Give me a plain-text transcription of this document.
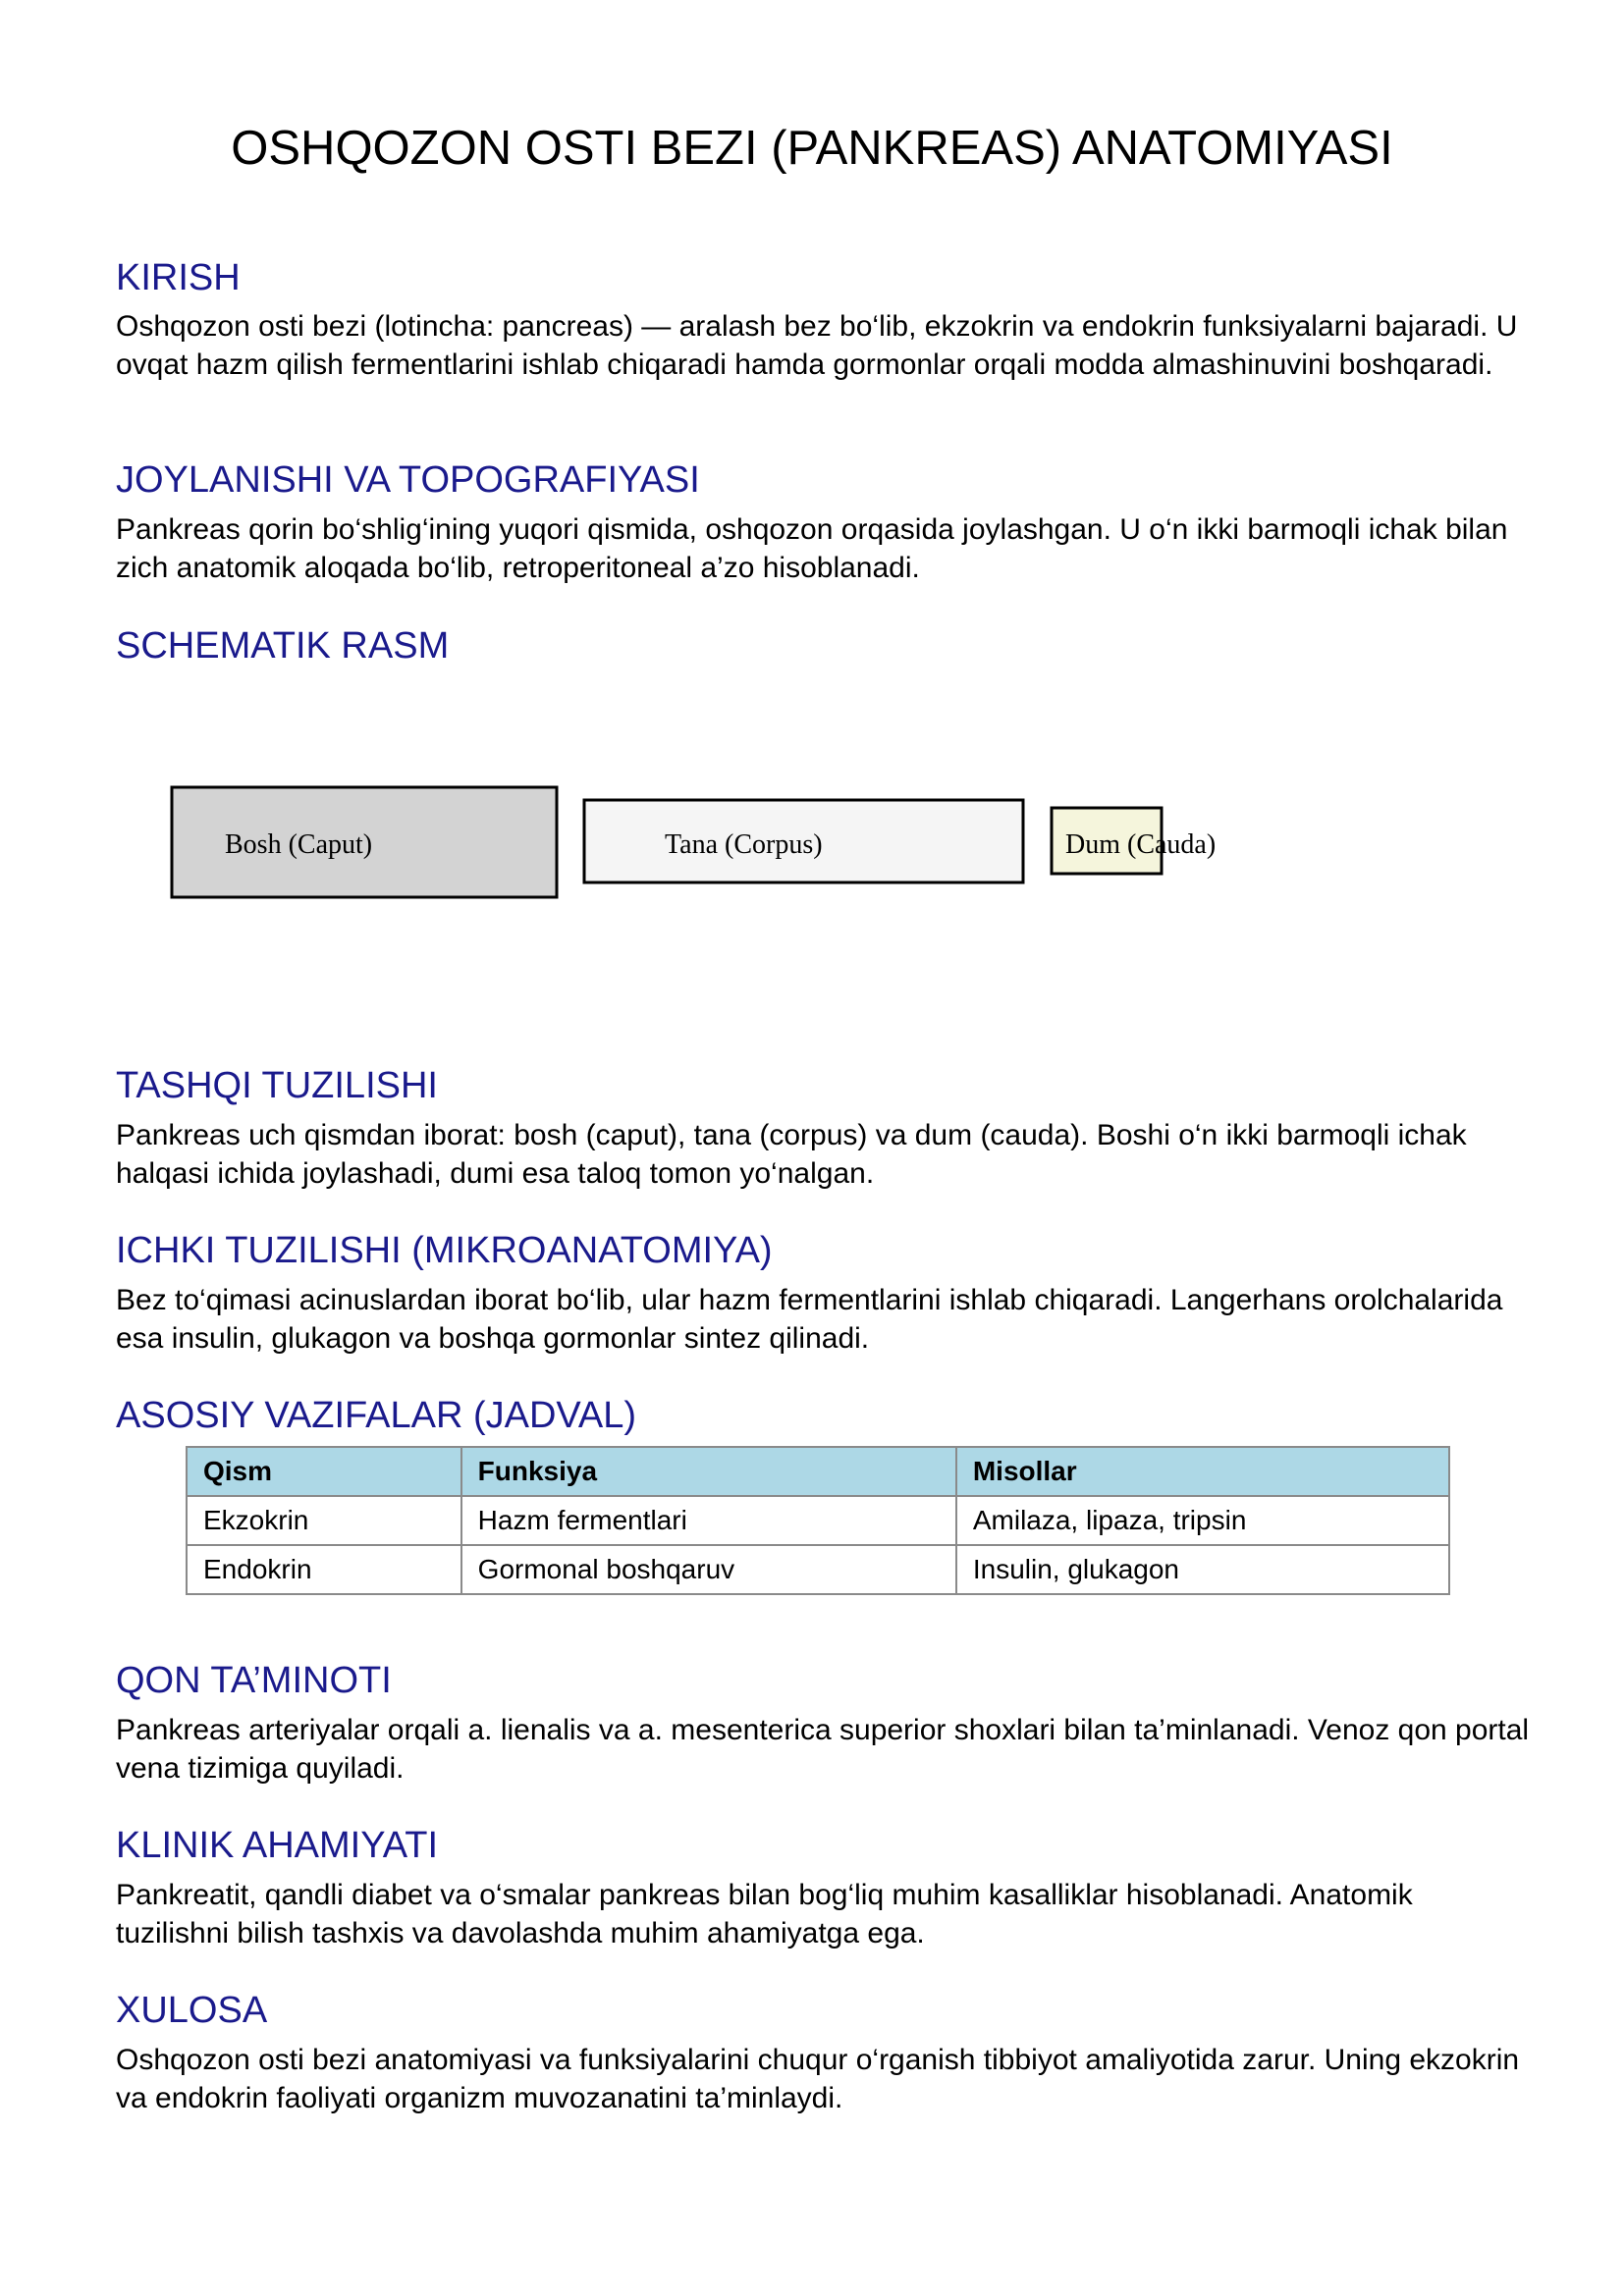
OSHQOZON OSTI BEZI (PANKREAS) ANATOMIYASI
KIRISH

Oshqozon osti bezi (lotincha: pancreas) — aralash bez bo‘lib, ekzokrin va endokrin funksiyalarni bajaradi. U ovqat hazm qilish fermentlarini ishlab chiqaradi hamda gormonlar orqali modda almashinuvini boshqaradi.

JOYLANISHI VA TOPOGRAFIYASI

Pankreas qorin bo‘shlig‘ining yuqori qismida, oshqozon orqasida joylashgan. U o‘n ikki barmoqli ichak bilan zich anatomik aloqada bo‘lib, retroperitoneal a’zo hisoblanadi.

SCHEMATIK RASM
Bosh (Caput)	Tana (Corpus)	Dum (Cauda)
TASHQI TUZILISHI

Pankreas uch qismdan iborat: bosh (caput), tana (corpus) va dum (cauda). Boshi o‘n ikki barmoqli ichak halqasi ichida joylashadi, dumi esa taloq tomon yo‘nalgan.

ICHKI TUZILISHI (MIKROANATOMIYA)

Bez to‘qimasi acinuslardan iborat bo‘lib, ular hazm fermentlarini ishlab chiqaradi. Langerhans orolchalarida esa insulin, glukagon va boshqa gormonlar sintez qilinadi.

ASOSIY VAZIFALAR (JADVAL)
Qism	Funksiya	Misollar
Ekzokrin	Hazm fermentlari	Amilaza, lipaza, tripsin
Endokrin	Gormonal boshqaruv	Insulin, glukagon
QON TA’MINOTI

Pankreas arteriyalar orqali a. lienalis va a. mesenterica superior shoxlari bilan ta’minlanadi. Venoz qon portal vena tizimiga quyiladi.

KLINIK AHAMIYATI

Pankreatit, qandli diabet va o‘smalar pankreas bilan bog‘liq muhim kasalliklar hisoblanadi. Anatomik tuzilishni bilish tashxis va davolashda muhim ahamiyatga ega.

XULOSA

Oshqozon osti bezi anatomiyasi va funksiyalarini chuqur o‘rganish tibbiyot amaliyotida zarur. Uning ekzokrin va endokrin faoliyati organizm muvozanatini ta’minlaydi.
